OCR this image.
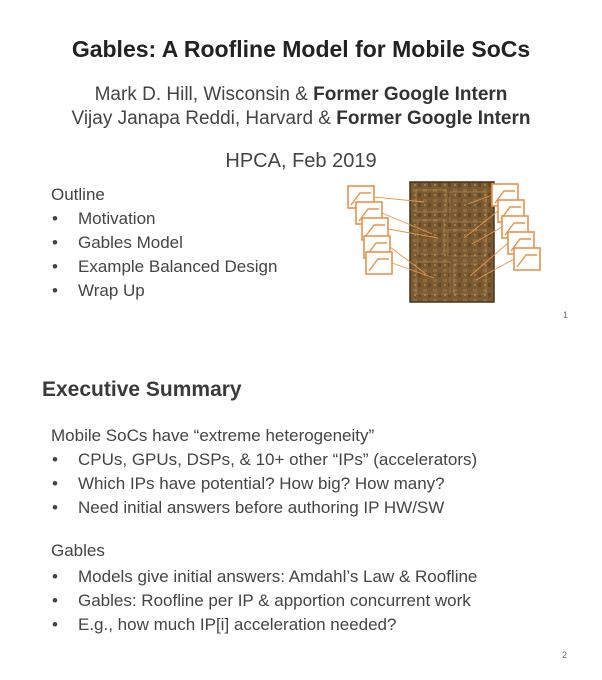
Gables: A Roofline Model for Mobile SoCs
Mark D. Hill, Wisconsin & Former Google Intern
Vijay Janapa Reddi, Harvard & Former Google Intern
HPCA, Feb 2019
Outline
• Motivation
• Gables Model
• Example Balanced Design
• Wrap Up
1
Executive Summary
Mobile SoCs have “extreme heterogeneity”
• CPUs, GPUs, DSPs, & 10+ other “IPs” (accelerators)
• Which IPs have potential? How big? How many?
• Need initial answers before authoring IP HW/SW
Gables
• Models give initial answers: Amdahl’s Law & Roofline
• Gables: Roofline per IP & apportion concurrent work
• E.g., how much IP[i] acceleration needed?
2
